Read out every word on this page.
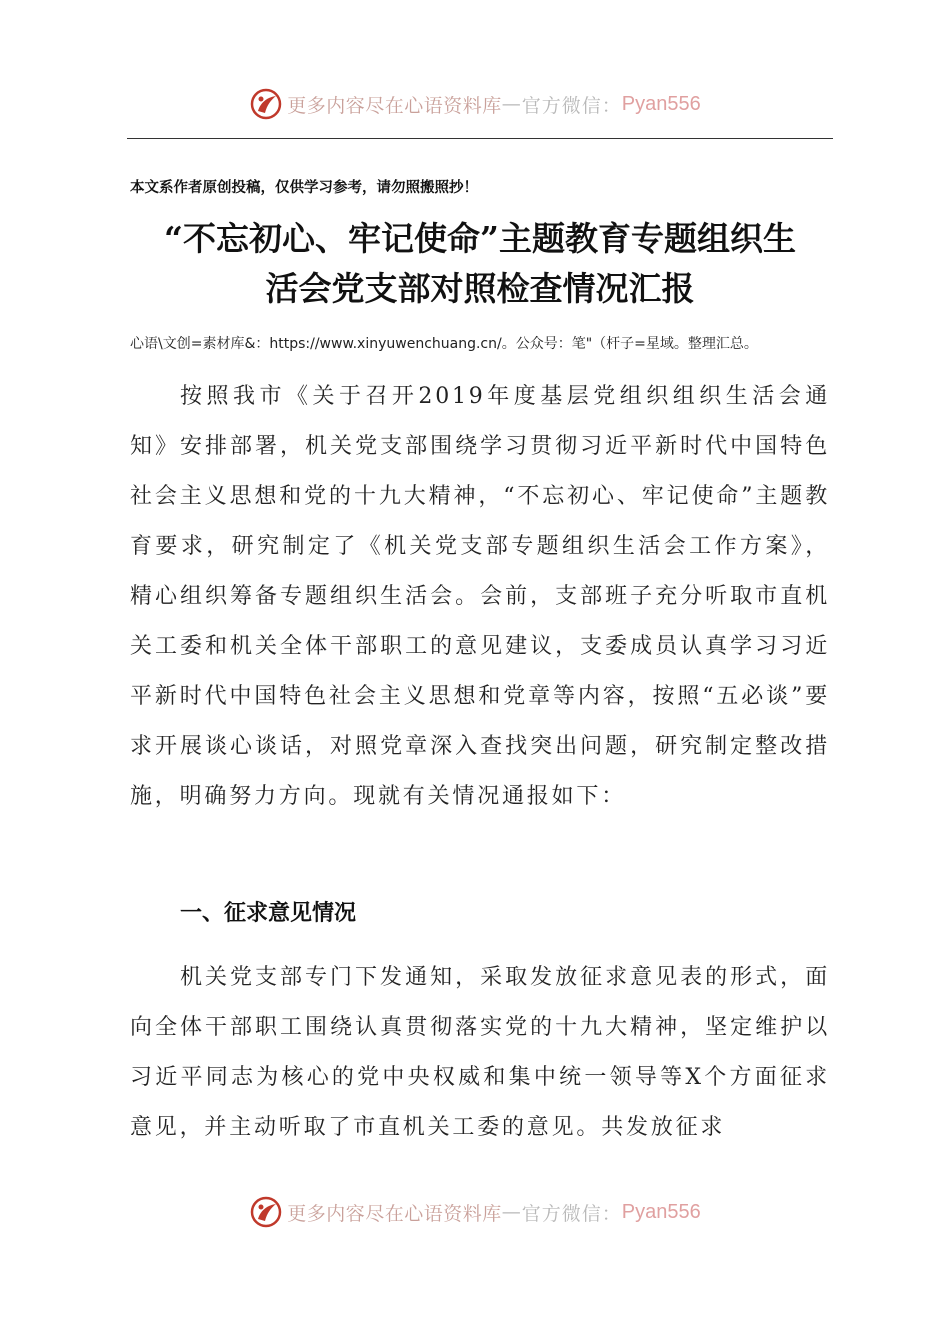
更多内容尽在心语资料库 — 官方微信： Pyan556
本文系作者原创投稿，仅供学习参考，请勿照搬照抄！
“不忘初心、牢记使命”主题教育专题组织生
活会党支部对照检查情况汇报
心语\文创=素材库&：https://www.xinyuwenchuang.cn/。公众号：笔"（杆子=星域。整理汇总。
按照我市《关于召开2019年度基层党组织组织生活会通知》安排部署，机关党支部围绕学习贯彻习近平新时代中国特色社会主义思想和党的十九大精神，“不忘初心、牢记使命”主题教育要求，研究制定了《机关党支部专题组织生活会工作方案》，精心组织筹备专题组织生活会。会前，支部班子充分听取市直机关工委和机关全体干部职工的意见建议，支委成员认真学习习近平新时代中国特色社会主义思想和党章等内容，按照“五必谈”要求开展谈心谈话，对照党章深入查找突出问题，研究制定整改措施，明确努力方向。现就有关情况通报如下：
一、征求意见情况
机关党支部专门下发通知，采取发放征求意见表的形式，面向全体干部职工围绕认真贯彻落实党的十九大精神，坚定维护以习近平同志为核心的党中央权威和集中统一领导等X个方面征求意见，并主动听取了市直机关工委的意见。共发放征求
更多内容尽在心语资料库 — 官方微信： Pyan556
